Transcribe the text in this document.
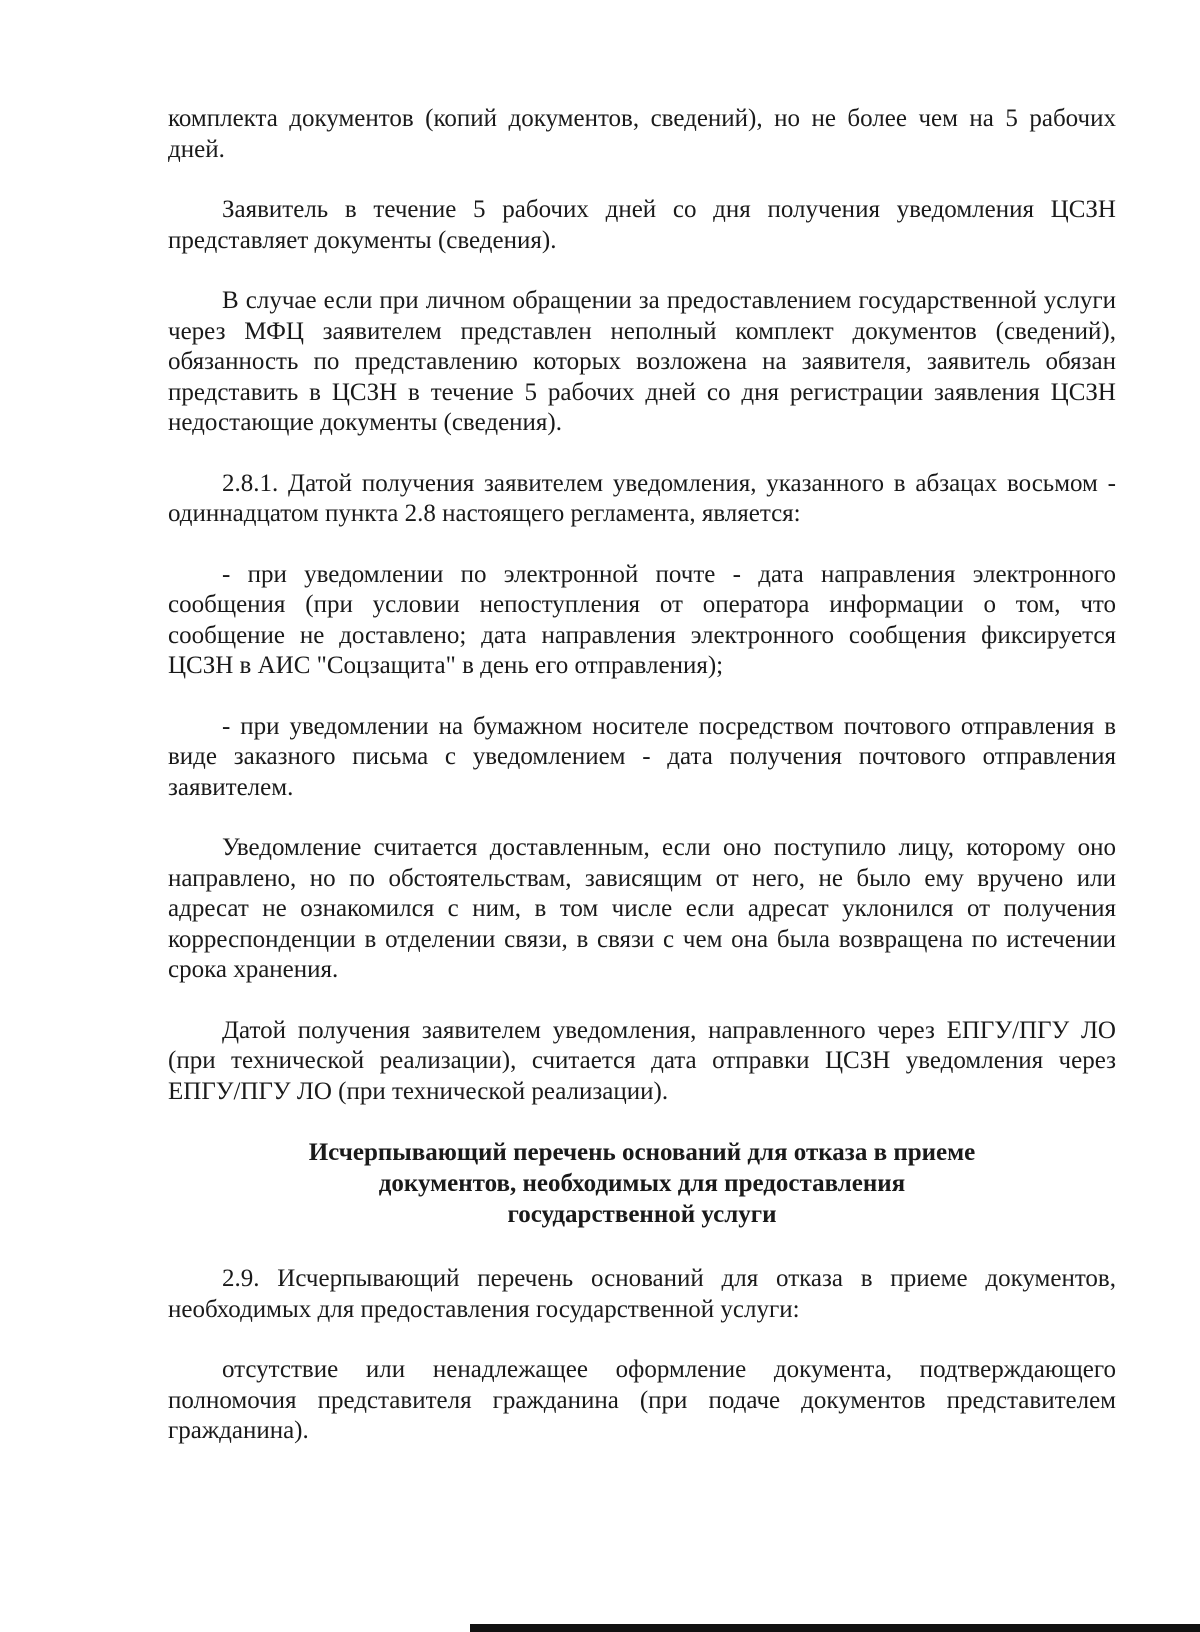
комплекта документов (копий документов, сведений), но не более чем на 5 рабочих дней.

Заявитель в течение 5 рабочих дней со дня получения уведомления ЦСЗН представляет документы (сведения).

В случае если при личном обращении за предоставлением государственной услуги через МФЦ заявителем представлен неполный комплект документов (сведений), обязанность по представлению которых возложена на заявителя, заявитель обязан представить в ЦСЗН в течение 5 рабочих дней со дня регистрации заявления ЦСЗН недостающие документы (сведения).

2.8.1. Датой получения заявителем уведомления, указанного в абзацах восьмом - одиннадцатом пункта 2.8 настоящего регламента, является:

- при уведомлении по электронной почте - дата направления электронного сообщения (при условии непоступления от оператора информации о том, что сообщение не доставлено; дата направления электронного сообщения фиксируется ЦСЗН в АИС "Соцзащита" в день его отправления);

- при уведомлении на бумажном носителе посредством почтового отправления в виде заказного письма с уведомлением - дата получения почтового отправления заявителем.

Уведомление считается доставленным, если оно поступило лицу, которому оно направлено, но по обстоятельствам, зависящим от него, не было ему вручено или адресат не ознакомился с ним, в том числе если адресат уклонился от получения корреспонденции в отделении связи, в связи с чем она была возвращена по истечении срока хранения.

Датой получения заявителем уведомления, направленного через ЕПГУ/ПГУ ЛО (при технической реализации), считается дата отправки ЦСЗН уведомления через ЕПГУ/ПГУ ЛО (при технической реализации).

Исчерпывающий перечень оснований для отказа в приеме
документов, необходимых для предоставления
государственной услуги

2.9. Исчерпывающий перечень оснований для отказа в приеме документов, необходимых для предоставления государственной услуги:

отсутствие или ненадлежащее оформление документа, подтверждающего полномочия представителя гражданина (при подаче документов представителем гражданина).
